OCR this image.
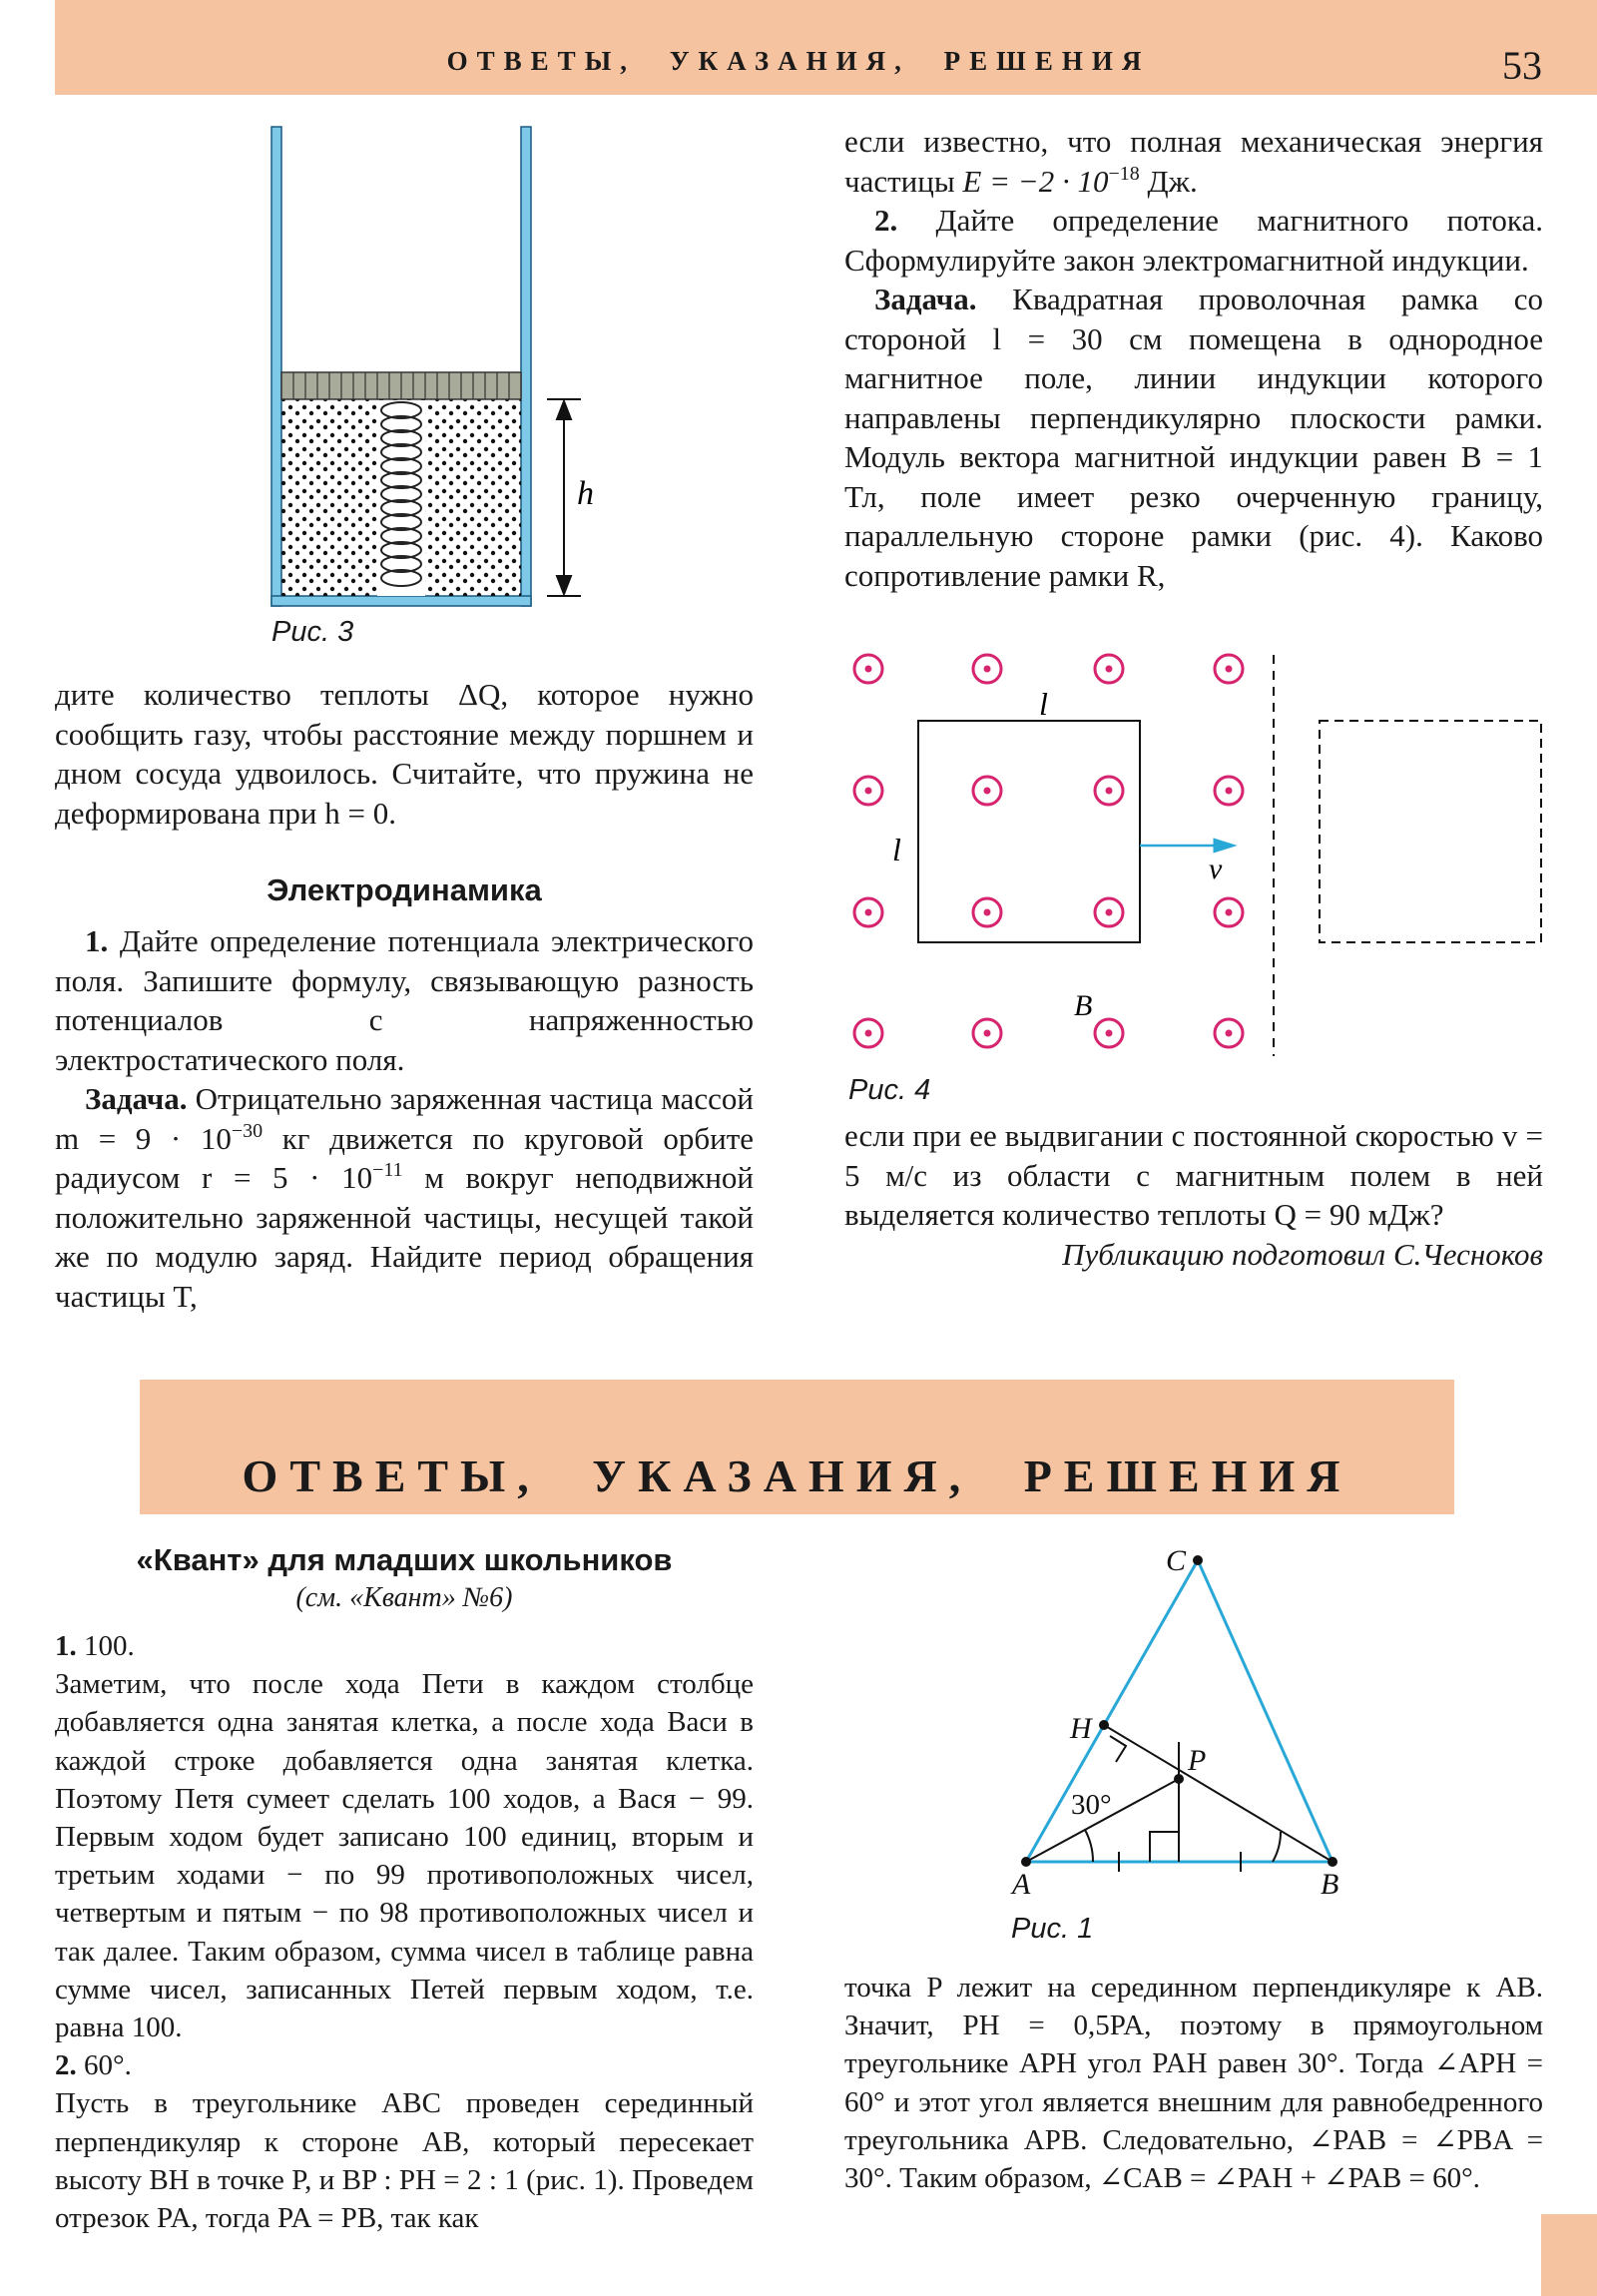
ОТВЕТЫ, УКАЗАНИЯ, РЕШЕНИЯ	53
h
Рис. 3

дите количество теплоты ΔQ, которое нужно сообщить газу, чтобы расстояние между поршнем и дном сосуда удвоилось. Считайте, что пружина не деформирована при h = 0.

Электродинамика

1. Дайте определение потенциала электрического поля. Запишите формулу, связывающую разность потенциалов с напряженностью электростатического поля.

Задача. Отрицательно заряженная частица массой $m = 9 \cdot 10^{-30}$ кг движется по круговой орбите радиусом $r = 5 \cdot 10^{-11}$ м вокруг неподвижной положительно заряженной частицы, несущей такой же по модулю заряд. Найдите период обращения частицы T,

если известно, что полная механическая энергия частицы $E = -2 \cdot 10^{-18}$ Дж.

2. Дайте определение магнитного потока. Сформулируйте закон электромагнитной индукции.

Задача. Квадратная проволочная рамка со стороной l = 30 см помещена в однородное магнитное поле, линии индукции которого направлены перпендикулярно плоскости рамки. Модуль вектора магнитной индукции равен B = 1 Тл, поле имеет резко очерченную границу, параллельную стороне рамки (рис. 4). Каково сопротивление рамки R,

l
l
v
B
Рис. 4

если при ее выдвигании с постоянной скоростью v = 5 м/с из области с магнитным полем в ней выделяется количество теплоты Q = 90 мДж?

Публикацию подготовил С.Чесноков

ОТВЕТЫ, УКАЗАНИЯ, РЕШЕНИЯ
«Квант» для младших школьников
(см. «Квант» №6)

1. 100.

Заметим, что после хода Пети в каждом столбце добавляется одна занятая клетка, а после хода Васи в каждой строке добавляется одна занятая клетка. Поэтому Петя сумеет сделать 100 ходов, а Вася − 99. Первым ходом будет записано 100 единиц, вторым и третьим ходами − по 99 противоположных чисел, четвертым и пятым − по 98 противоположных чисел и так далее. Таким образом, сумма чисел в таблице равна сумме чисел, записанных Петей первым ходом, т.е. равна 100.

2. 60°.

Пусть в треугольнике ABC проведен серединный перпендикуляр к стороне AB, который пересекает высоту BH в точке P, и BP : PH = 2 : 1 (рис. 1). Проведем отрезок PA, тогда PA = PB, так как

C
H
P
A	B
30°
Рис. 1

точка P лежит на серединном перпендикуляре к AB. Значит, PH = 0,5PA, поэтому в прямоугольном треугольнике APH угол PAH равен 30°. Тогда ∠APH = 60° и этот угол является внешним для равнобедренного треугольника APB. Следовательно, ∠PAB = ∠PBA = 30°. Таким образом, ∠CAB = ∠PAH + ∠PAB = 60°.
